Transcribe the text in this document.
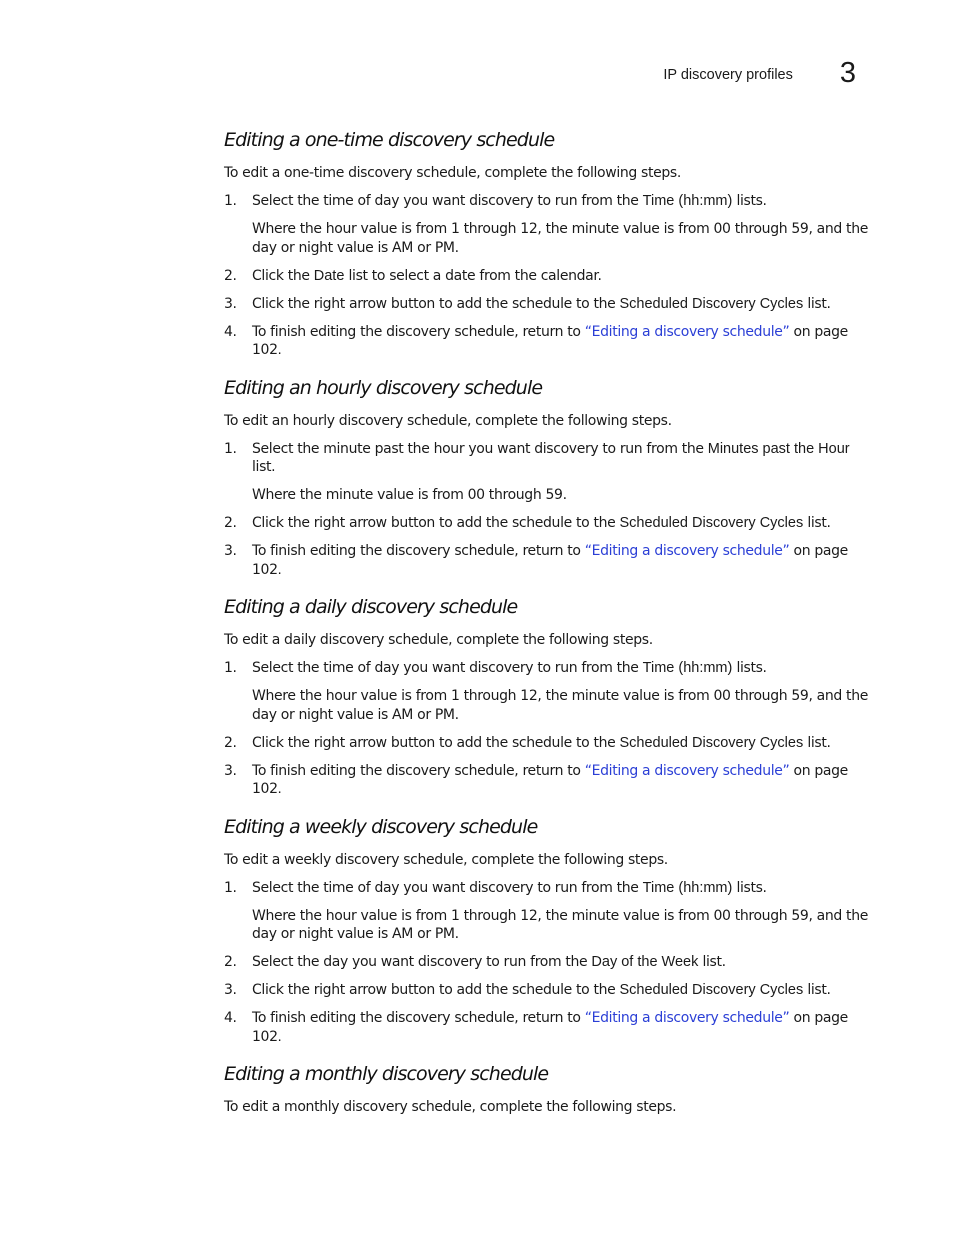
IP discovery profiles 3
Editing a one-time discovery schedule

To edit a one-time discovery schedule, complete the following steps.

1. Select the time of day you want discovery to run from the Time (hh:mm) lists.

Where the hour value is from 1 through 12, the minute value is from 00 through 59, and the day or night value is AM or PM.

2. Click the Date list to select a date from the calendar.
3. Click the right arrow button to add the schedule to the Scheduled Discovery Cycles list.
4. To finish editing the discovery schedule, return to “Editing a discovery schedule” on page 102.
Editing an hourly discovery schedule

To edit an hourly discovery schedule, complete the following steps.

1. Select the minute past the hour you want discovery to run from the Minutes past the Hour list.

Where the minute value is from 00 through 59.

2. Click the right arrow button to add the schedule to the Scheduled Discovery Cycles list.
3. To finish editing the discovery schedule, return to “Editing a discovery schedule” on page 102.
Editing a daily discovery schedule

To edit a daily discovery schedule, complete the following steps.

1. Select the time of day you want discovery to run from the Time (hh:mm) lists.

Where the hour value is from 1 through 12, the minute value is from 00 through 59, and the day or night value is AM or PM.

2. Click the right arrow button to add the schedule to the Scheduled Discovery Cycles list.
3. To finish editing the discovery schedule, return to “Editing a discovery schedule” on page 102.
Editing a weekly discovery schedule

To edit a weekly discovery schedule, complete the following steps.

1. Select the time of day you want discovery to run from the Time (hh:mm) lists.

Where the hour value is from 1 through 12, the minute value is from 00 through 59, and the day or night value is AM or PM.

2. Select the day you want discovery to run from the Day of the Week list.
3. Click the right arrow button to add the schedule to the Scheduled Discovery Cycles list.
4. To finish editing the discovery schedule, return to “Editing a discovery schedule” on page 102.
Editing a monthly discovery schedule

To edit a monthly discovery schedule, complete the following steps.
